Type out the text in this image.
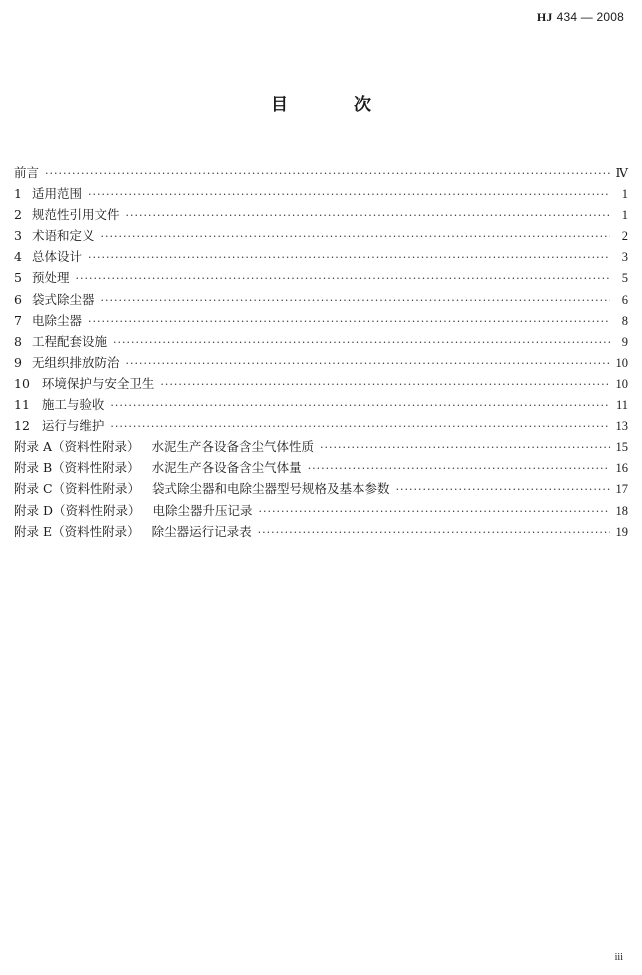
HJ 434 — 2008
目 次
前言 ·····	Ⅳ
1 适用范围 ·····	1
2 规范性引用文件 ·····	1
3 术语和定义 ·····	2
4 总体设计 ·····	3
5 预处理 ·····	5
6 袋式除尘器 ·····	6
7 电除尘器 ·····	8
8 工程配套设施 ·····	9
9 无组织排放防治 ·····	10
10 环境保护与安全卫生 ·····	10
11 施工与验收 ·····	11
12 运行与维护 ·····	13
附录 A（资料性附录） 水泥生产各设备含尘气体性质 ·····	15
附录 B（资料性附录） 水泥生产各设备含尘气体量 ·····	16
附录 C（资料性附录） 袋式除尘器和电除尘器型号规格及基本参数 ·····	17
附录 D（资料性附录） 电除尘器升压记录 ·····	18
附录 E（资料性附录） 除尘器运行记录表 ·····	19
iii
